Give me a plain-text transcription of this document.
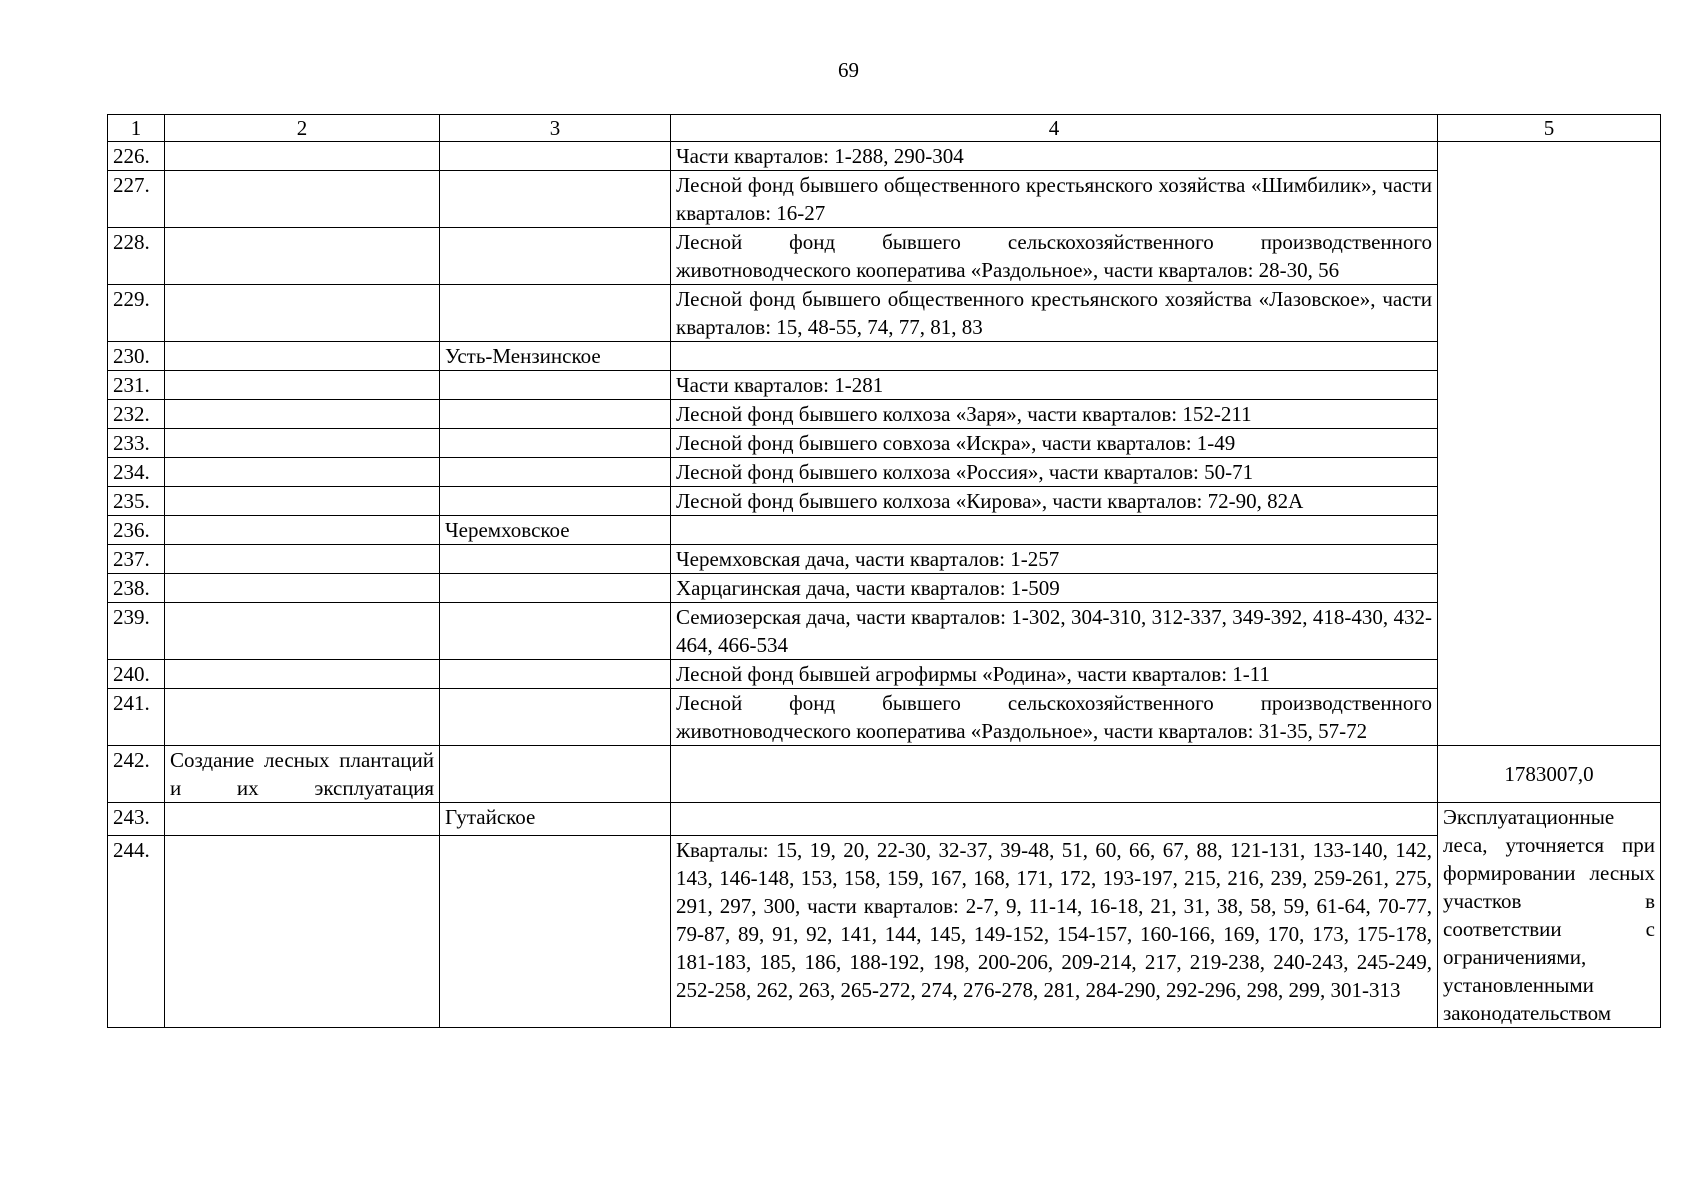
69
1	2	3	4	5
226.			Части кварталов: 1-288, 290-304	
227.			Лесной фонд бывшего общественного крестьянского хозяйства «Шимбилик», части кварталов: 16-27	
228.			Лесной фонд бывшего сельскохозяйственного производственного животноводческого кооператива «Раздольное», части кварталов: 28-30, 56	
229.			Лесной фонд бывшего общественного крестьянского хозяйства «Лазовское», части кварталов: 15, 48-55, 74, 77, 81, 83	
230.		Усть-Мензинское		
231.			Части кварталов: 1-281	
232.			Лесной фонд бывшего колхоза «Заря», части кварталов: 152-211	
233.			Лесной фонд бывшего совхоза «Искра», части кварталов: 1-49	
234.			Лесной фонд бывшего колхоза «Россия», части кварталов: 50-71	
235.			Лесной фонд бывшего колхоза «Кирова», части кварталов: 72-90, 82А	
236.		Черемховское		
237.			Черемховская дача, части кварталов: 1-257	
238.			Харцагинская дача, части кварталов: 1-509	
239.			Семиозерская дача, части кварталов: 1-302, 304-310, 312-337, 349-392, 418-430, 432-464, 466-534	
240.			Лесной фонд бывшей агрофирмы «Родина», части кварталов: 1-11	
241.			Лесной фонд бывшего сельскохозяйственного производственного животноводческого кооператива «Раздольное», части кварталов: 31-35, 57-72	
242.	Создание лесных плантаций и их эксплуатация			1783007,0
243.		Гутайское		Эксплуатационные леса, уточняется при формировании лесных участков в соответствии с ограничениями, установленными законодательством
244.			Кварталы: 15, 19, 20, 22-30, 32-37, 39-48, 51, 60, 66, 67, 88, 121-131, 133-140, 142, 143, 146-148, 153, 158, 159, 167, 168, 171, 172, 193-197, 215, 216, 239, 259-261, 275, 291, 297, 300, части кварталов: 2-7, 9, 11-14, 16-18, 21, 31, 38, 58, 59, 61-64, 70-77, 79-87, 89, 91, 92, 141, 144, 145, 149-152, 154-157, 160-166, 169, 170, 173, 175-178, 181-183, 185, 186, 188-192, 198, 200-206, 209-214, 217, 219-238, 240-243, 245-249, 252-258, 262, 263, 265-272, 274, 276-278, 281, 284-290, 292-296, 298, 299, 301-313	
